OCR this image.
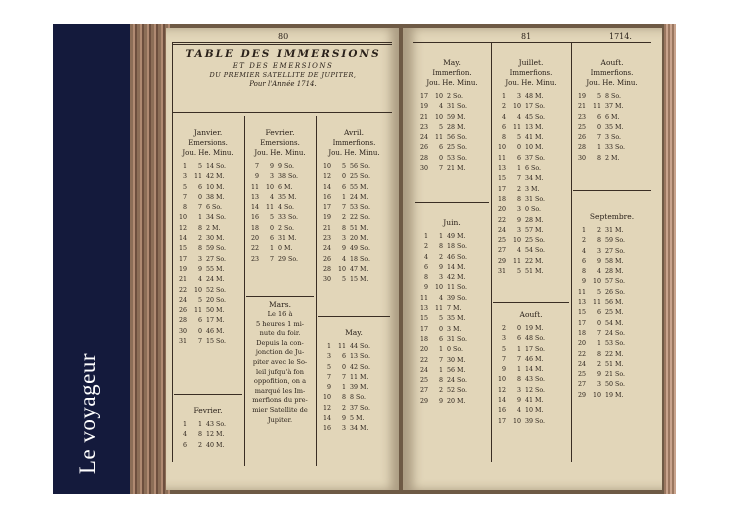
Le voyageur
80
TABLE DES IMMERSIONS
ET DES EMERSIONS
DU PREMIER SATELLITE DE JUPITER,
Pour l'Année 1714.
Janvier.
Emersions.
Jou. He. Minu.
1	5 14 So.
3	11 42 M.
5	6 10 M.
7	0 38 M.
8	7 6 So.
10	1 34 So.
12	8 2 M.
14	2 30 M.
15	8 59 So.
17	3 27 So.
19	9 55 M.
21	4 24 M.
22	10 52 So.
24	5 20 So.
26	11 50 M.
28	6 17 M.
30	0 46 M.
31	7 15 So.
Fevrier.
1	1 43 So.
4	8 12 M.
6	2 40 M.
Fevrier.
Emersions.
Jou. He. Minu.
7	9 9 So.
9	3 38 So.
11	10 6 M.
13	4 35 M.
14	11 4 So.
16	5 33 So.
18	0 2 So.
20	6 31 M.
22	1 0 M.
23	7 29 So.
Mars.
Le 16 à
5 heures 1 mi-
nute du foir.
Depuis la con-
jonction de Ju-
piter avec le So-
leil jufqu'à fon
oppofition, on a
marqué les Im-
merfions du pre-
mier Satellite de
Jupiter.
Avril.
Immerfions.
Jou. He. Minu.
10	5 56 So.
12	0 25 So.
14	6 55 M.
16	1 24 M.
17	7 53 So.
19	2 22 So.
21	8 51 M.
23	3 20 M.
24	9 49 So.
26	4 18 So.
28	10 47 M.
30	5 15 M.
May.
1	11 44 So.
3	6 13 So.
5	0 42 So.
7	7 11 M.
9	1 39 M.
10	8 8 So.
12	2 37 So.
14	9 5 M.
16	3 34 M.
81	1714.
May.
Immerfion.
Jou. He. Minu.
17	10 2 So.
19	4 31 So.
21	10 59 M.
23	5 28 M.
24	11 56 So.
26	6 25 So.
28	0 53 So.
30	7 21 M.
Juin.
1	1 49 M.
2	8 18 So.
4	2 46 So.
6	9 14 M.
8	3 42 M.
9	10 11 So.
11	4 39 So.
13	11 7 M.
15	5 35 M.
17	0 3 M.
18	6 31 So.
20	1 0 So.
22	7 30 M.
24	1 56 M.
25	8 24 So.
27	2 52 So.
29	9 20 M.
Juillet.
Immerfions.
Jou. He. Minu.
1	3 48 M.
2	10 17 So.
4	4 45 So.
6	11 13 M.
8	5 41 M.
10	0 10 M.
11	6 37 So.
13	1 6 So.
15	7 34 M.
17	2 3 M.
18	8 31 So.
20	3 0 So.
22	9 28 M.
24	3 57 M.
25	10 25 So.
27	4 54 So.
29	11 22 M.
31	5 51 M.
Aouft.
2	0 19 M.
3	6 48 So.
5	1 17 So.
7	7 46 M.
9	1 14 M.
10	8 43 So.
12	3 12 So.
14	9 41 M.
16	4 10 M.
17	10 39 So.
Aouft.
Immerfions.
Jou. He. Minu.
19	5 8 So.
21	11 37 M.
23	6 6 M.
25	0 35 M.
26	7 3 So.
28	1 33 So.
30	8 2 M.
Septembre.
1	2 31 M.
2	8 59 So.
4	3 27 So.
6	9 58 M.
8	4 28 M.
9	10 57 So.
11	5 26 So.
13	11 56 M.
15	6 25 M.
17	0 54 M.
18	7 24 So.
20	1 53 So.
22	8 22 M.
24	2 51 M.
25	9 21 So.
27	3 50 So.
29	10 19 M.
